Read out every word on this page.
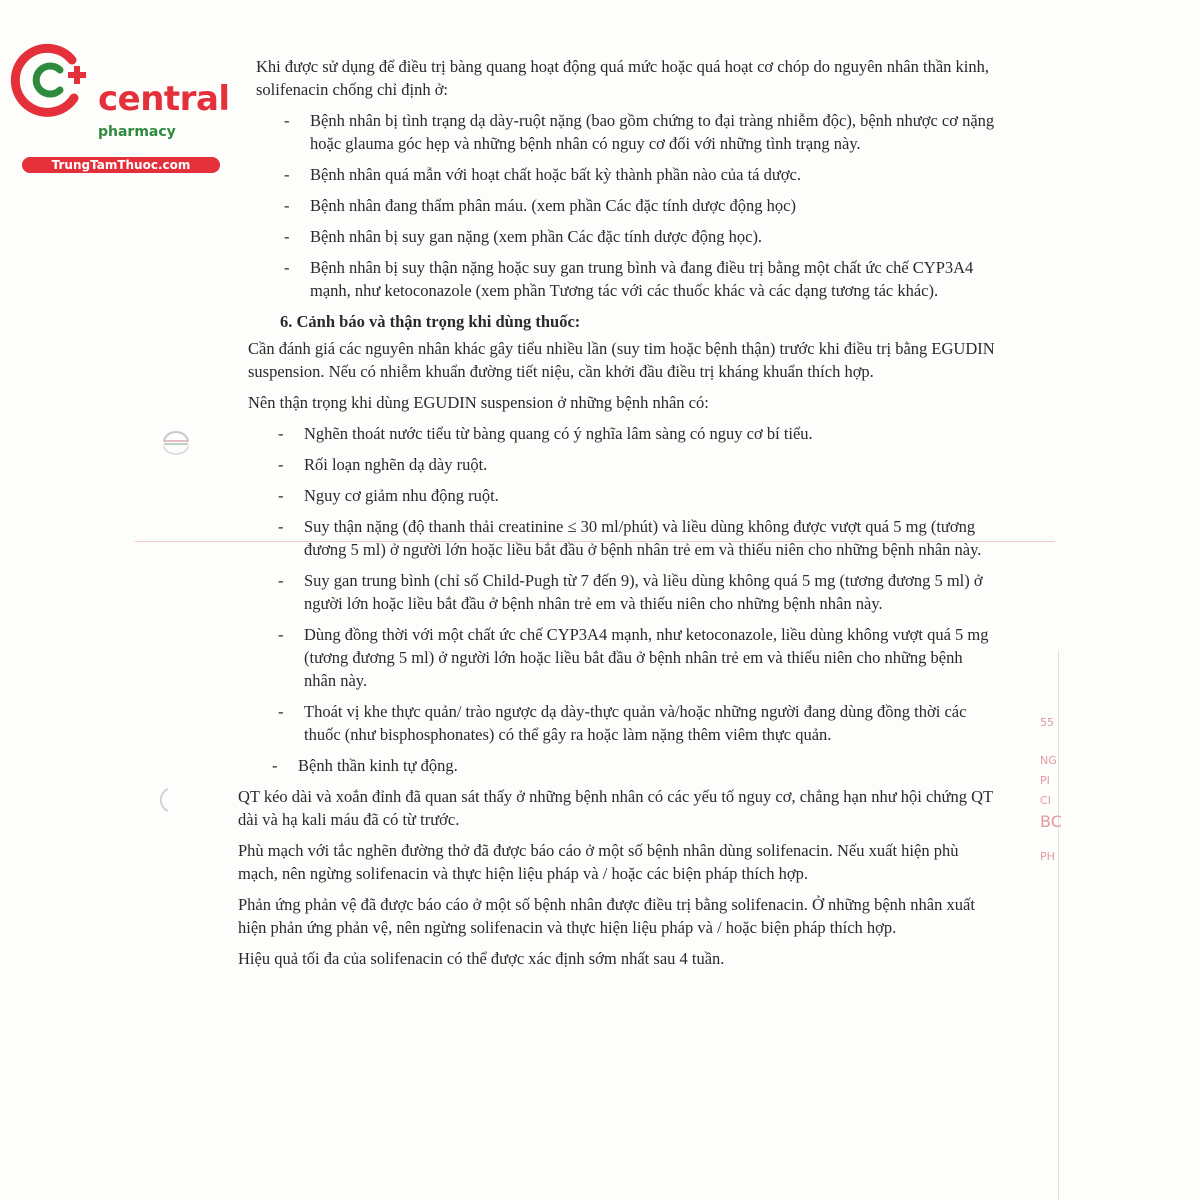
central
pharmacy
TrungTamThuoc.com
55
NG
PI
CI
BC
PH

Khi được sử dụng để điều trị bàng quang hoạt động quá mức hoặc quá hoạt cơ chóp do nguyên nhân thần kinh, solifenacin chống chỉ định ở:

- Bệnh nhân bị tình trạng dạ dày-ruột nặng (bao gồm chứng to đại tràng nhiễm độc), bệnh nhược cơ nặng hoặc glauma góc hẹp và những bệnh nhân có nguy cơ đối với những tình trạng này.
- Bệnh nhân quá mẫn với hoạt chất hoặc bất kỳ thành phần nào của tá dược.
- Bệnh nhân đang thẩm phân máu. (xem phần Các đặc tính dược động học)
- Bệnh nhân bị suy gan nặng (xem phần Các đặc tính dược động học).
- Bệnh nhân bị suy thận nặng hoặc suy gan trung bình và đang điều trị bằng một chất ức chế CYP3A4 mạnh, như ketoconazole (xem phần Tương tác với các thuốc khác và các dạng tương tác khác).

6. Cảnh báo và thận trọng khi dùng thuốc:

Cần đánh giá các nguyên nhân khác gây tiểu nhiều lần (suy tim hoặc bệnh thận) trước khi điều trị bằng EGUDIN suspension. Nếu có nhiễm khuẩn đường tiết niệu, cần khởi đầu điều trị kháng khuẩn thích hợp.

Nên thận trọng khi dùng EGUDIN suspension ở những bệnh nhân có:

- Nghẽn thoát nước tiểu từ bàng quang có ý nghĩa lâm sàng có nguy cơ bí tiểu.
- Rối loạn nghẽn dạ dày ruột.
- Nguy cơ giảm nhu động ruột.
- Suy thận nặng (độ thanh thải creatinine ≤ 30 ml/phút) và liều dùng không được vượt quá 5 mg (tương đương 5 ml) ở người lớn hoặc liều bắt đầu ở bệnh nhân trẻ em và thiếu niên cho những bệnh nhân này.
- Suy gan trung bình (chỉ số Child-Pugh từ 7 đến 9), và liều dùng không quá 5 mg (tương đương 5 ml) ở người lớn hoặc liều bắt đầu ở bệnh nhân trẻ em và thiếu niên cho những bệnh nhân này.
- Dùng đồng thời với một chất ức chế CYP3A4 mạnh, như ketoconazole, liều dùng không vượt quá 5 mg (tương đương 5 ml) ở người lớn hoặc liều bắt đầu ở bệnh nhân trẻ em và thiếu niên cho những bệnh nhân này.
- Thoát vị khe thực quản/ trào ngược dạ dày-thực quản và/hoặc những người đang dùng đồng thời các thuốc (như bisphosphonates) có thể gây ra hoặc làm nặng thêm viêm thực quản.
- Bệnh thần kinh tự động.

QT kéo dài và xoắn đỉnh đã quan sát thấy ở những bệnh nhân có các yếu tố nguy cơ, chẳng hạn như hội chứng QT dài và hạ kali máu đã có từ trước.

Phù mạch với tắc nghẽn đường thở đã được báo cáo ở một số bệnh nhân dùng solifenacin. Nếu xuất hiện phù mạch, nên ngừng solifenacin và thực hiện liệu pháp và / hoặc các biện pháp thích hợp.

Phản ứng phản vệ đã được báo cáo ở một số bệnh nhân được điều trị bằng solifenacin. Ở những bệnh nhân xuất hiện phản ứng phản vệ, nên ngừng solifenacin và thực hiện liệu pháp và / hoặc biện pháp thích hợp.

Hiệu quả tối đa của solifenacin có thể được xác định sớm nhất sau 4 tuần.
